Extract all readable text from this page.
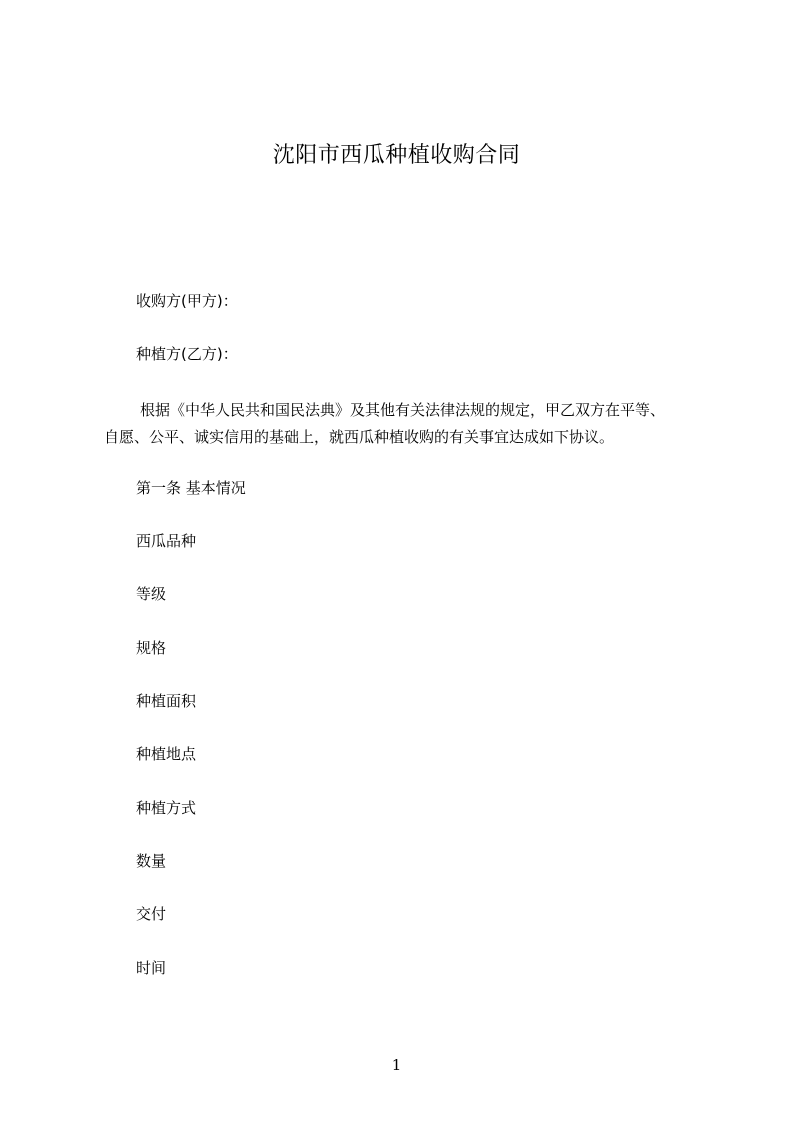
沈阳市西瓜种植收购合同
收购方(甲方)：
种植方(乙方)：
根据《中华人民共和国民法典》及其他有关法律法规的规定，甲乙双方在平等、
自愿、公平、诚实信用的基础上，就西瓜种植收购的有关事宜达成如下协议。
第一条 基本情况
西瓜品种
等级
规格
种植面积
种植地点
种植方式
数量
交付
时间
1
